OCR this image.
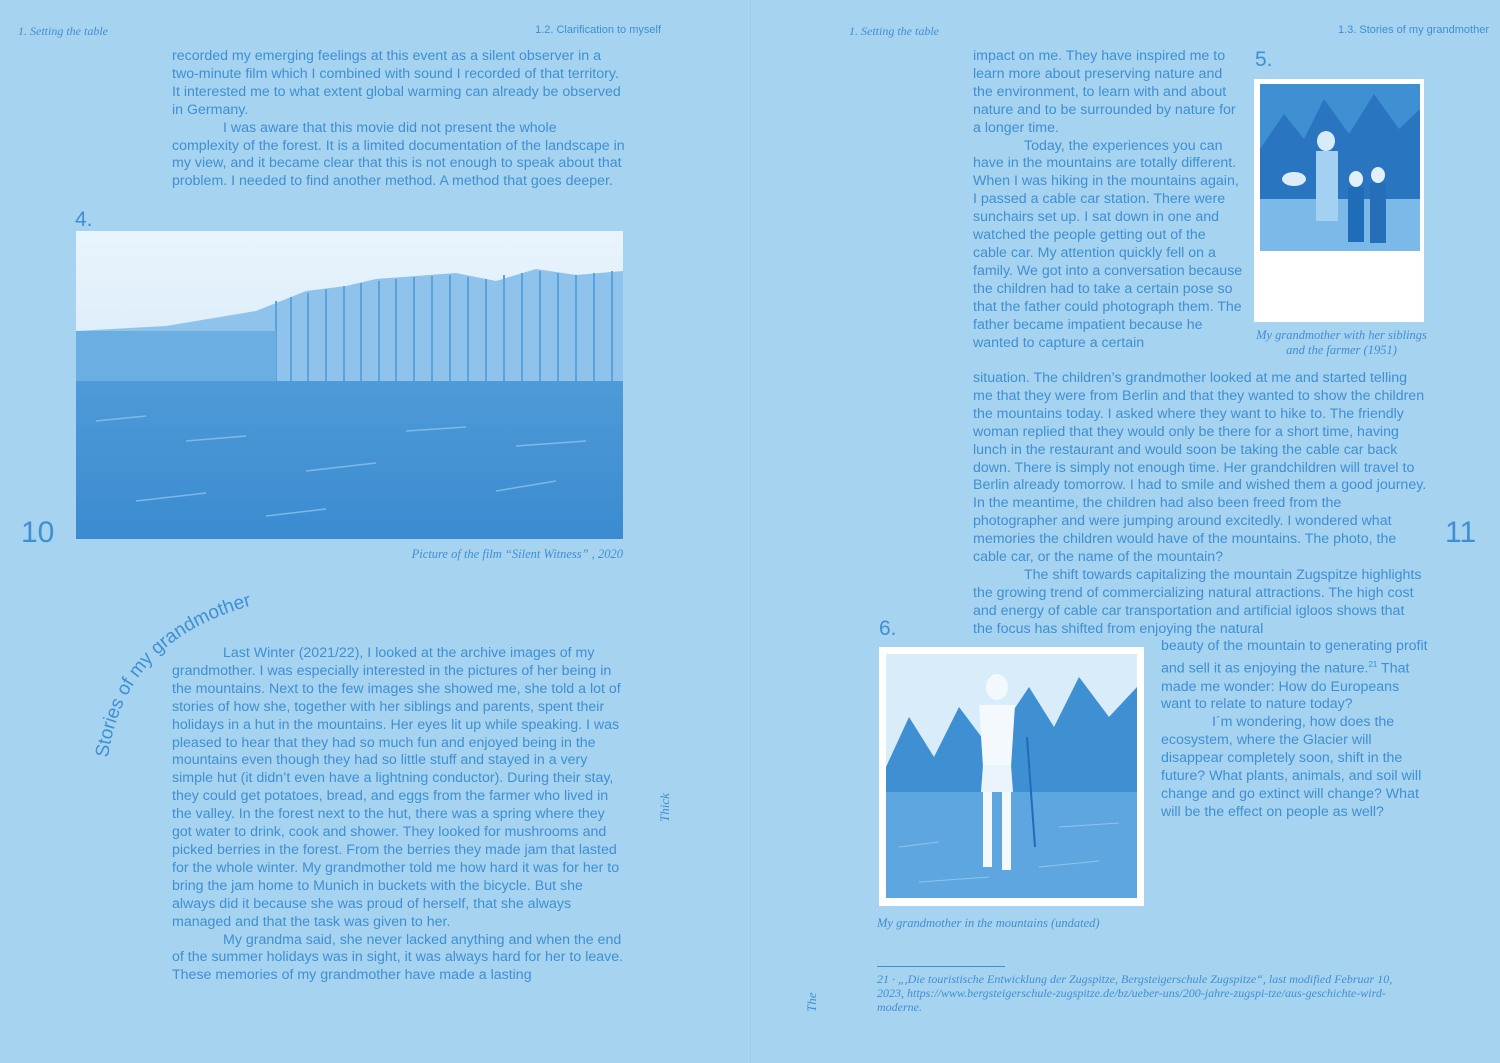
1. Setting the table	1.2. Clarification to myself

recorded my emerging feelings at this event as a silent observer in a two-minute film which I combined with sound I recorded of that territory. It interested me to what extent global warming can already be observed in Germany.

I was aware that this movie did not present the whole complexity of the forest. It is a limited documentation of the landscape in my view, and it became clear that this is not enough to speak about that problem. I needed to find another method. A method that goes deeper.

4.
10
Picture of the film “Silent Witness” , 2020
Stories of my grandmother

Last Winter (2021/22), I looked at the archive images of my grandmother. I was especially interested in the pictures of her being in the mountains. Next to the few images she showed me, she told a lot of stories of how she, together with her siblings and parents, spent their holidays in a hut in the mountains. Her eyes lit up while speaking. I was pleased to hear that they had so much fun and enjoyed being in the mountains even though they had so little stuff and stayed in a very simple hut (it didn’t even have a lightning conductor). During their stay, they could get potatoes, bread, and eggs from the farmer who lived in the valley. In the forest next to the hut, there was a spring where they got water to drink, cook and shower. They looked for mushrooms and picked berries in the forest. From the berries they made jam that lasted for the whole winter. My grandmother told me how hard it was for her to bring the jam home to Munich in buckets with the bicycle. But she always did it because she was proud of herself, that she always managed and that the task was given to her.

My grandma said, she never lacked anything and when the end of the summer holidays was in sight, it was always hard for her to leave. These memories of my grandmother have made a lasting

Thick
1. Setting the table	1.3. Stories of my grandmother

impact on me. They have inspired me to learn more about preserving nature and the environment, to learn with and about nature and to be surrounded by nature for a longer time.

Today, the experiences you can have in the mountains are totally different. When I was hiking in the mountains again, I passed a cable car station. There were sunchairs set up. I sat down in one and watched the people getting out of the cable car. My attention quickly fell on a family. We got into a conversation because the children had to take a certain pose so that the father could photograph them. The father became impatient because he wanted to capture a certain

5.
My grandmother with her siblings and the farmer (1951)

situation. The children’s grandmother looked at me and started telling me that they were from Berlin and that they wanted to show the children the mountains today. I asked where they want to hike to. The friendly woman replied that they would only be there for a short time, having lunch in the restaurant and would soon be taking the cable car back down. There is simply not enough time. Her grandchildren will travel to Berlin already tomorrow. I had to smile and wished them a good journey. In the meantime, the children had also been freed from the photographer and were jumping around excitedly. I wondered what memories the children would have of the mountains. The photo, the cable car, or the name of the mountain?

The shift towards capitalizing the mountain Zugspitze highlights the growing trend of commercializing natural attractions. The high cost and energy of cable car transportation and artificial igloos shows that the focus has shifted from enjoying the natural

6.

beauty of the mountain to generating profit and sell it as enjoying the nature.$^{21}$ That made me wonder: How do Europeans want to relate to nature today?

I´m wondering, how does the ecosystem, where the Glacier will disappear completely soon, shift in the future? What plants, animals, and soil will change and go extinct will change? What will be the effect on people as well?

11
My grandmother in the mountains (undated)
21 · „,Die touristische Entwicklung der Zugspitze, Bergsteigerschule Zugspitze“, last modified Februar 10, 2023, https://www.bergsteigerschule-zugspitze.de/bz/ueber-uns/200-jahre-zugspi-tze/aus-geschichte-wird-moderne.
The
